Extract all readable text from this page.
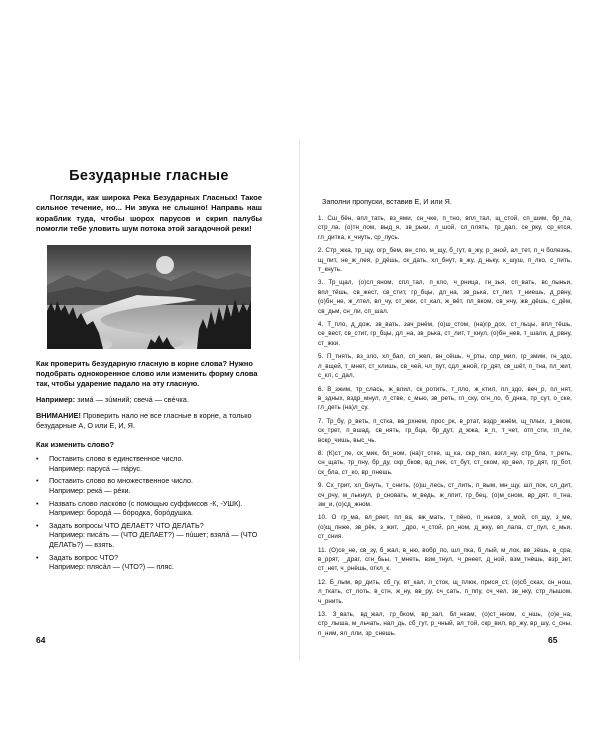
Безударные гласные
Погляди, как широка Река Безударных Гласных! Такое сильное течение, но... Ни звука не слышно! Направь наш кораблик туда, чтобы шорох парусов и скрип палубы помогли тебе уловить шум потока этой загадочной реки!
Как проверить безударную гласную в корне слова? Нужно подобрать однокоренное слово или изменить форму слова так, чтобы ударение падало на эту гласную.
Например: зимá — зúмний; свечá — свéчка.
ВНИМАНИЕ! Проверить нало не все гласные в корне, а только безударные А, О или Е, И, Я.
Как изменить слово?
• Поставить слово в единственное число.
Например: парусá — пáрус.
• Поставить слово во множественное число.
Например: рекá — рéки.
• Назвать слово ласково (с помощью суффиксов -К, -УШК).
Например: борoдá — бóрoдка, борóдушка.
• Задать вопросы ЧТО ДЕЛАЕТ? ЧТО ДЕЛАТЬ?
Например: писáть — (ЧТО ДЕЛАЕТ?) — пúшет; взялá — (ЧТО ДЕЛАТЬ?) — взять.
• Задать вопрос ЧТО?
Например: плясáл — (ЧТО?) — пляс.
64
Заполни пропуски, вставив Е, И или Я.
1. Сш_бён, впл_тать, вз_ями, сн_чке, п_тно, впл_тал, щ_стой, сп_шим, бр_ла, стр_ла, (о)тн_лом, выд_я, зв_рьки, л_шой, сл_плять, тр_дал, се_рку, ср_ется, гл_дитка, к_чнуть, ср_лусь.
2. Стр_жка, тр_щу, огр_бем, вн_спо, м_щу, б_гут, в_жу, р_зной, ал_тет, п_ч болезнь, щ_пит, не_ж_лея, р_дёшь, ск_дать, хл_бнут, в_жу, д_ньку, к_шуш, п_лко, с_пить, т_кнуть.
3. Тр_щал, (о)сл_яном, спл_тал, п_кло, ч_рница, гн_зья, сп_вать, вс_лыньи, впл_тёшь, св_жест, св_стит, гр_бцы, дл_на, зв_рька, ст_лит, т_ниешь, д_рвну, (о)бн_не, ж_лтел, вл_чу, ст_жки, ст_кал, ж_вёт, пл_вком, св_нчу, жв_дёшь, с_дём, св_дьм, сн_ли, сп_шал.
4. Т_пло, д_дож, зв_вать, зач_рнём, (о)ш_стом, (на)гр_дох, ст_льцы, впл_тёшь, се_вест, св_стит, гр_бцы, дл_на, зв_рька, ст_лит, т_кнул, (о)бн_нев, т_шали, д_рвну, ст_жки.
5. П_тнять, вз_зло, хл_бал, сп_жел, вн_сёшь, ч_рты, спр_мил, гр_змим, гн_здо, л_вщей, т_мнет, ст_клишь, св_чей, чл_пут, сдл_жной, гр_дят, св_шёт, п_тна, пл_жит, с_кл, с_дал.
6. В_зжим, тр_слась, ж_влил, ск_ротить, т_пло, ж_ктил, пл_здо, веч_р, пл_нят, в_здных, вздр_мнул, л_стве, с_мью, зв_реть, гл_ску, сгн_ло, б_днка, тр_сут, о_ске, гл_деть (на)л_су.
7. Тр_бу, р_веть, п_стка, вв_рхнем, прос_рк, в_ртат, вздр_жнём, щ_плых, з_вком, ск_трет, п_вшад, св_нять, гр_бца, бр_дут, д_жжа, в_л, т_чет, отп_сти, гл_ле, вскр_чишь, выс_чь.
8. (К)ст_ле, ск_мик, бл_ном, (на)т_стке, щ_ка, скр_пял, взгл_ну, стр_бла, т_реть, сн_щать, тр_пну, бр_ду, скр_бков, вд_лек, ст_бут, ст_ском, кр_вел, тр_дят, гр_бот, ск_бла, ст_ко, вр_пнешь.
9. Сх_трит, хл_бнуть, т_снить, (о)ш_лесь, ст_лить, п_вым, мн_щу, шл_пок, сл_дит, сч_рчу, м_лькнул, р_сновать, м_ведь, ж_лпит, гр_бец, (о)м_сном, вр_дят, п_тна, зм_и, (о)сд_жном.
10. О гр_ма, вл_ряет, пл_ва, вж_мать, т_пёно, п_ньков, з_мой, сп_щу, з_ме, (о)щ_лнже, зв_рёк, з_жит, _дро, ч_стой, рл_ном, д_жку, вп_лала, ст_пул, с_мьи, ст_сния.
11. (О)се_не, св_зу, б_жал, в_ню, вобр_по, шл_пка, б_лый, м_лок, вв_зёшь, в_сра, в_ррят, _драг, сгн_бьы, т_мнеть, взм_тнул, ч_рнеет, д_ной, взм_тнёшь, взр_зет, ст_нет, ч_рнёшь, откл_к.
12. Б_лым, вр_дить, сб_гу, вт_кал, л_сток, щ_плюк, прися_ст, (о)сб_сках, сн_нош, л_ткать, ст_лоть, в_стн, ж_ну, вв_ру, сч_сать, п_ппу, сч_чел, зв_нку, стр_лышом, ч_рнить.
13. З_вать, вд_жал, гр_бком, вр_зал, бл_нкам, (о)ст_нном, с_ншь, (о)е_на, стр_лыша, м_льчать, нал_дь, сб_гут, р_чный, ал_той, скр_вил, вр_жу, вр_шу, с_сны, п_ним, ял_лли, зр_снешь.
65
